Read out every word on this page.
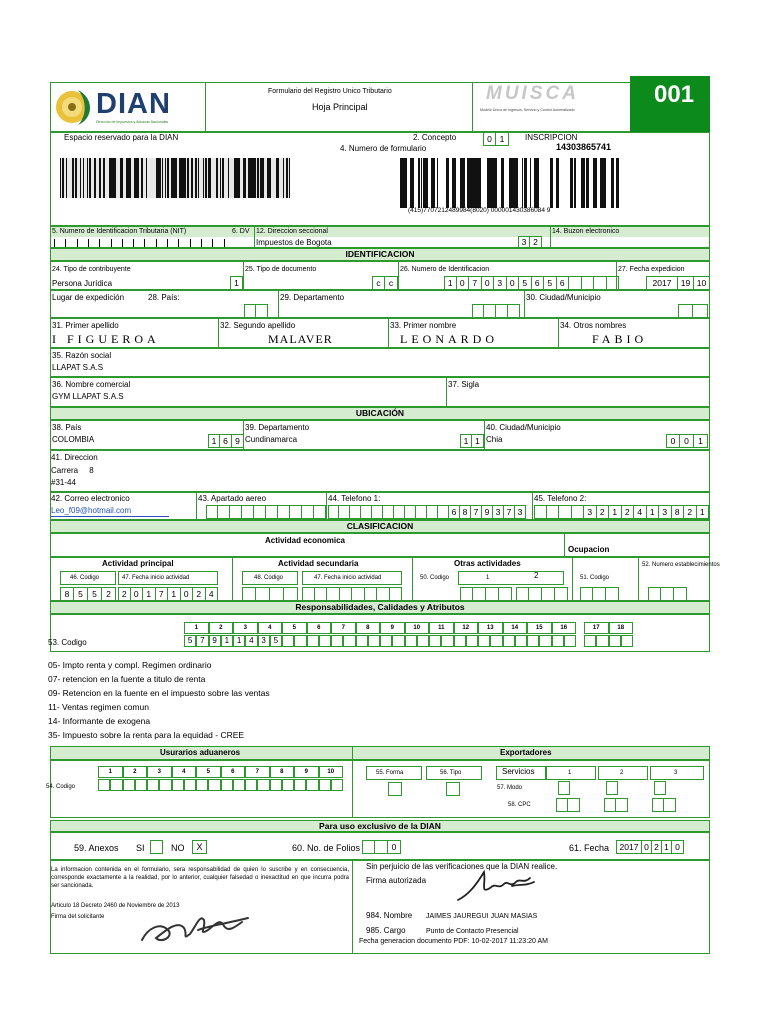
DIAN
Dirección de Impuestos y Aduanas Nacionales
Formulario del Registro Unico Tributario
Hoja Principal
MUISCA
Modelo Único de Ingresos, Servicio y Control Automatizado
001
Espacio reservado para la DIAN	2. Concepto	0 1	INSCRIPCION
4. Numero de formulario	14303865741
(415)7707212489984(8020) 000001430386084 9
5. Numero de Identificacion Tributaria (NIT)	6. DV 12. Direccion seccional	14. Buzon electronico
Impuestos de Bogota	3 2
IDENTIFICACION
24. Tipo de contribuyente
Persona Jurídica	1
25. Tipo de documento
c c
26. Numero de Identificacion
1 0 7 0 3 0 5 6 5 6
27. Fecha expedicion
2017	19 10
Lugar de expedición	28. País:	29. Departamento	30. Ciudad/Municipio
31. Primer apellido
I FIGUEROA
32. Segundo apellido
MALAVER
33. Primer nombre
LEONARDO
34. Otros nombres
FABIO
35. Razón social
LLAPAT S.A.S
36. Nombre comercial
GYM LLAPAT S.A.S
37. Sigla
UBICACIÓN
38. País
COLOMBIA	1 6 9
39. Departamento
Cundinamarca	1 1
40. Ciudad/Municipio
Chia	0	0	1
41. Direccion
Carrera     8
#31-44
42. Correo electronico
Leo_f09@hotmail.com
43. Apartado aereo	44. Telefono 1:
6 8 7 9 3 7 3
45. Telefono 2:
3 2 1 2 4 1 3 8 2 1
CLASIFICACION
Actividad economica
Ocupacion
Actividad principal	Actividad secundaria	Otras actividades	52. Numero establecimientos
46. Codigo	47. Fecha inicio actividad	48. Codigo	47. Fecha inicio actividad	50. Codigo	1	2	51. Codigo
8	5	5	2	2 0 1 7 1 0 2 4
Responsabilidades, Calidades y Atributos
53. Codigo
1
5 7
2
9 1
3
1 4
4
3 5
5	6	7	8	9	10	11	12	13	14	15	16	17	18
05- Impto renta y compl. Regimen ordinario
07- retencion en la fuente a titulo de renta
09- Retencion en la fuente en el impuesto sobre las ventas
11- Ventas regimen comun
14- Informante de exogena
35- Impuesto sobre la renta para la equidad - CREE
Usurarios aduaneros	Exportadores
54. Codigo
1	2	3	4	5	6	7	8	9	10	55. Forma	56. Tipo	Servicios	1	2	3
57. Modo
58. CPC
Para uso exclusivo de la DIAN
59. Anexos SI	NO	X	60. No. de Folios	0	61. Fecha	2017 0 2 1 0
La informacion contenida en el formulario, sera responsabilidad de quien lo suscribe y en consecuencia, corresponde exactamente a la realidad, por lo anterior, cualquier falsedad o inexactitud en que incurra podra ser sancionada.
Articulo 18 Decreto 2460 de Noviembre de 2013
Firma del solicitante
Sin perjuicio de las verificaciones que la DIAN realice.
Firma autorizada
984. Nombre JAIMES JAUREGUI JUAN MASIAS
985. Cargo	Punto de Contacto Presencial
Fecha generacion documento PDF: 10-02-2017 11:23:20 AM
